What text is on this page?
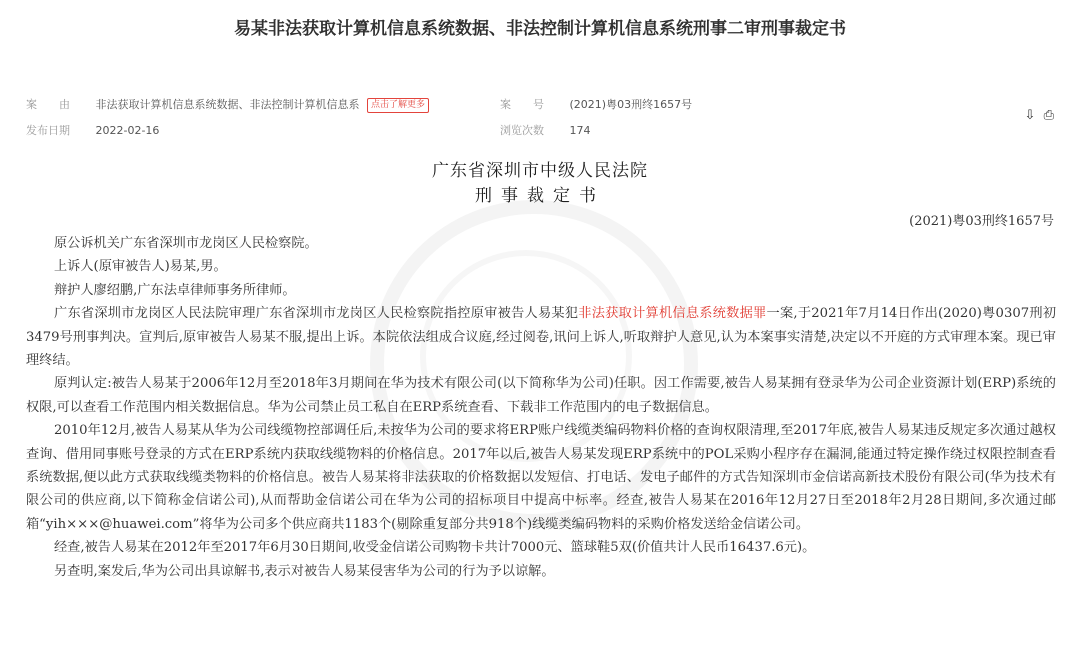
易某非法获取计算机信息系统数据、非法控制计算机信息系统刑事二审刑事裁定书
案　　由 非法获取计算机信息系统数据、非法控制计算机信息系 点击了解更多	案　　号 (2021)粤03刑终1657号
发布日期 2022-02-16	浏览次数 174
⇩ ⎙
广东省深圳市中级人民法院
刑事裁定书
(2021)粤03刑终1657号

原公诉机关广东省深圳市龙岗区人民检察院。

上诉人(原审被告人)易某,男。

辩护人廖绍鹏,广东法卓律师事务所律师。

广东省深圳市龙岗区人民法院审理广东省深圳市龙岗区人民检察院指控原审被告人易某犯非法获取计算机信息系统数据罪一案,于2021年7月14日作出(2020)粤0307刑初3479号刑事判决。宣判后,原审被告人易某不服,提出上诉。本院依法组成合议庭,经过阅卷,讯问上诉人,听取辩护人意见,认为本案事实清楚,决定以不开庭的方式审理本案。现已审理终结。

原判认定:被告人易某于2006年12月至2018年3月期间在华为技术有限公司(以下简称华为公司)任职。因工作需要,被告人易某拥有登录华为公司企业资源计划(ERP)系统的权限,可以查看工作范围内相关数据信息。华为公司禁止员工私自在ERP系统查看、下载非工作范围内的电子数据信息。

2010年12月,被告人易某从华为公司线缆物控部调任后,未按华为公司的要求将ERP账户线缆类编码物料价格的查询权限清理,至2017年底,被告人易某违反规定多次通过越权查询、借用同事账号登录的方式在ERP系统内获取线缆物料的价格信息。2017年以后,被告人易某发现ERP系统中的POL采购小程序存在漏洞,能通过特定操作绕过权限控制查看系统数据,便以此方式获取线缆类物料的价格信息。被告人易某将非法获取的价格数据以发短信、打电话、发电子邮件的方式告知深圳市金信诺高新技术股份有限公司(华为技术有限公司的供应商,以下简称金信诺公司),从而帮助金信诺公司在华为公司的招标项目中提高中标率。经查,被告人易某在2016年12月27日至2018年2月28日期间,多次通过邮箱“yih×××@huawei.com”将华为公司多个供应商共1183个(剔除重复部分共918个)线缆类编码物料的采购价格发送给金信诺公司。

经查,被告人易某在2012年至2017年6月30日期间,收受金信诺公司购物卡共计7000元、篮球鞋5双(价值共计人民币16437.6元)。

另查明,案发后,华为公司出具谅解书,表示对被告人易某侵害华为公司的行为予以谅解。
